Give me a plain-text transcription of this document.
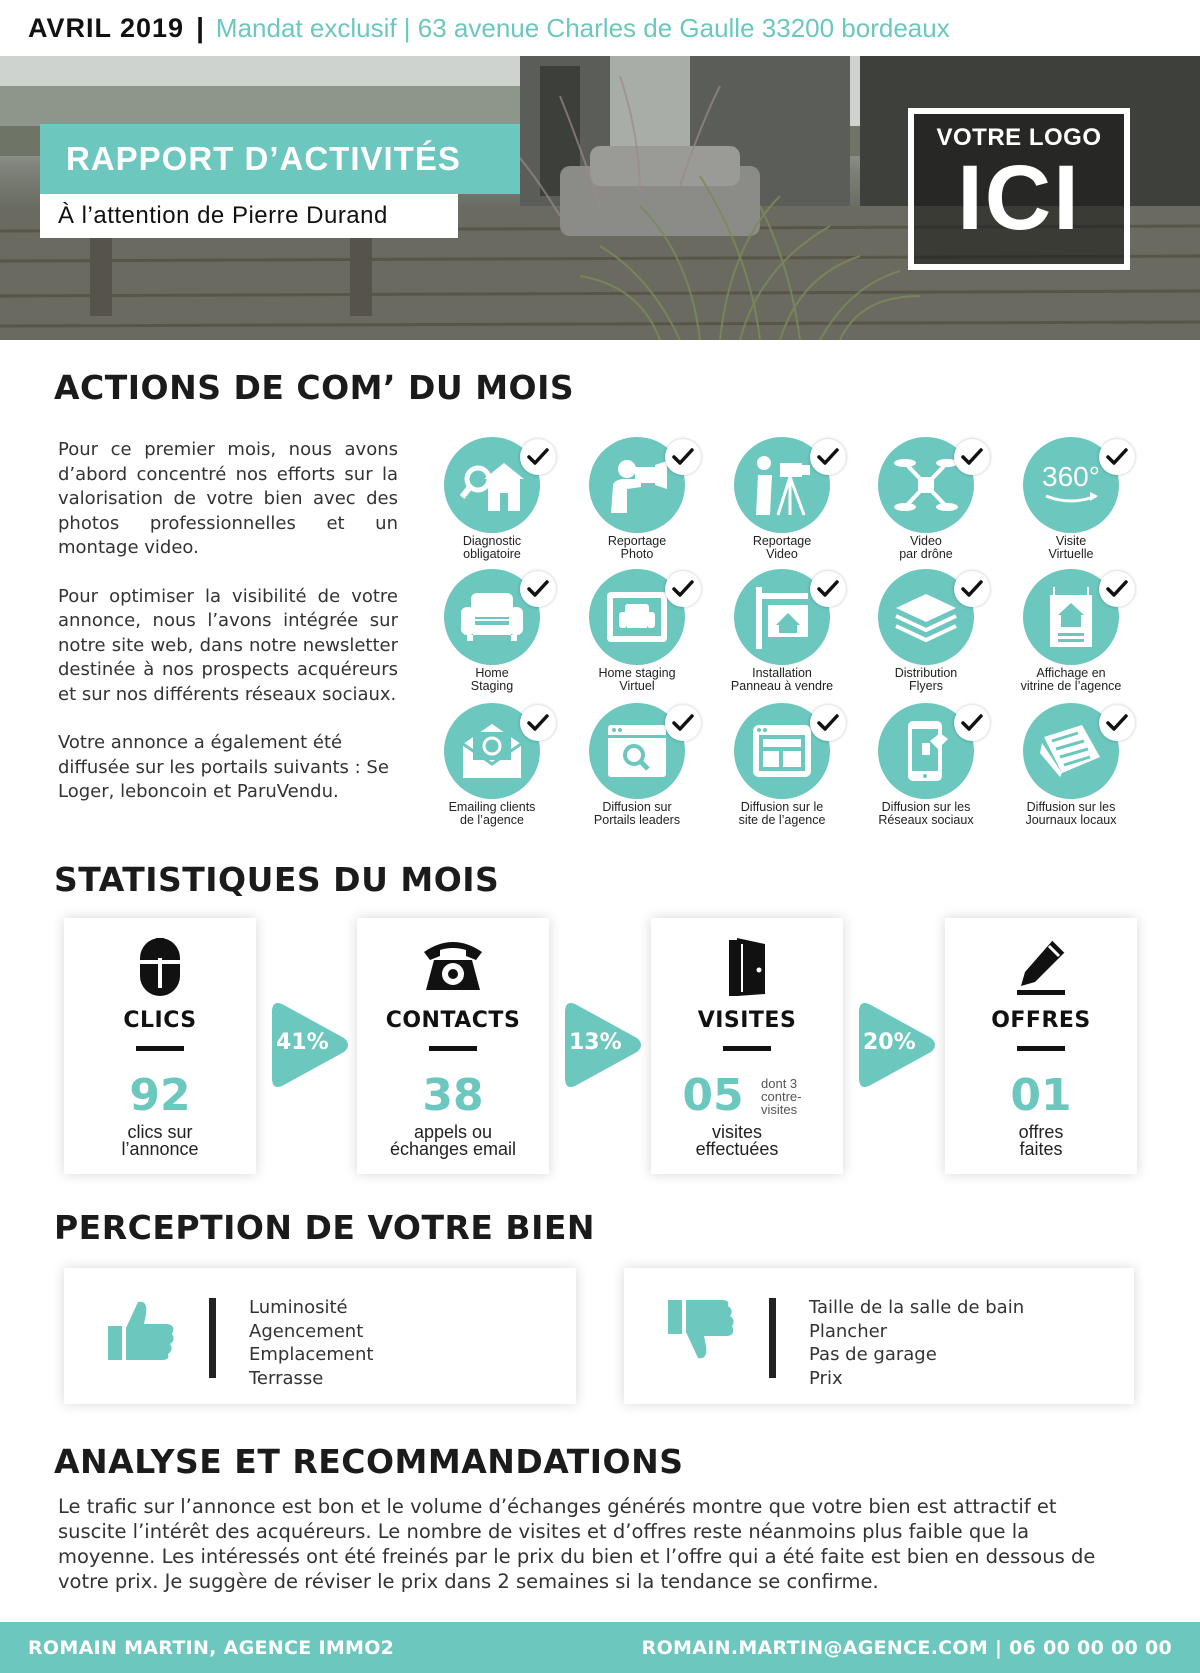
AVRIL 2019 | Mandat exclusif | 63 avenue Charles de Gaulle 33200 bordeaux
RAPPORT D’ACTIVITÉS
À l’attention de Pierre Durand
VOTRE LOGO
ICI
ACTIONS DE COM’ DU MOIS

Pour ce premier mois, nous avons d’abord concentré nos efforts sur la valorisation de votre bien avec des photos professionnelles et un montage video.

Pour optimiser la visibilité de votre annonce, nous l’avons intégrée sur notre site web, dans notre newsletter destinée à nos prospects acquéreurs et sur nos différents réseaux sociaux.

Votre annonce a également été diffusée sur les portails suivants : Se Loger, leboncoin et ParuVendu.

Diagnostic
obligatoire
Reportage
Photo
Reportage
Video
Video
par drône
360°
Visite
Virtuelle
Home
Staging
Home staging
Virtuel
Installation
Panneau à vendre
Distribution
Flyers
Affichage en
vitrine de l’agence
Emailing clients
de l’agence
Diffusion sur
Portails leaders
Diffusion sur le
site de l’agence
Diffusion sur les
Réseaux sociaux
Diffusion sur les
Journaux locaux
STATISTIQUES DU MOIS
CLICS
92
clics sur
l’annonce
41%
CONTACTS
38
appels ou
échanges email
13%
VISITES
05	dont 3
contre-
visites
visites
effectuées
20%
OFFRES
01
offres
faites
PERCEPTION DE VOTRE BIEN
Luminosité
Agencement
Emplacement
Terrasse
Taille de la salle de bain
Plancher
Pas de garage
Prix
ANALYSE ET RECOMMANDATIONS
Le trafic sur l’annonce est bon et le volume d’échanges générés montre que votre bien est attractif et suscite l’intérêt des acquéreurs. Le nombre de visites et d’offres reste néanmoins plus faible que la moyenne. Les intéressés ont été freinés par le prix du bien et l’offre qui a été faite est bien en dessous de votre prix. Je suggère de réviser le prix dans 2 semaines si la tendance se confirme.
ROMAIN MARTIN, AGENCE IMMO2	ROMAIN.MARTIN@AGENCE.COM | 06 00 00 00 00
